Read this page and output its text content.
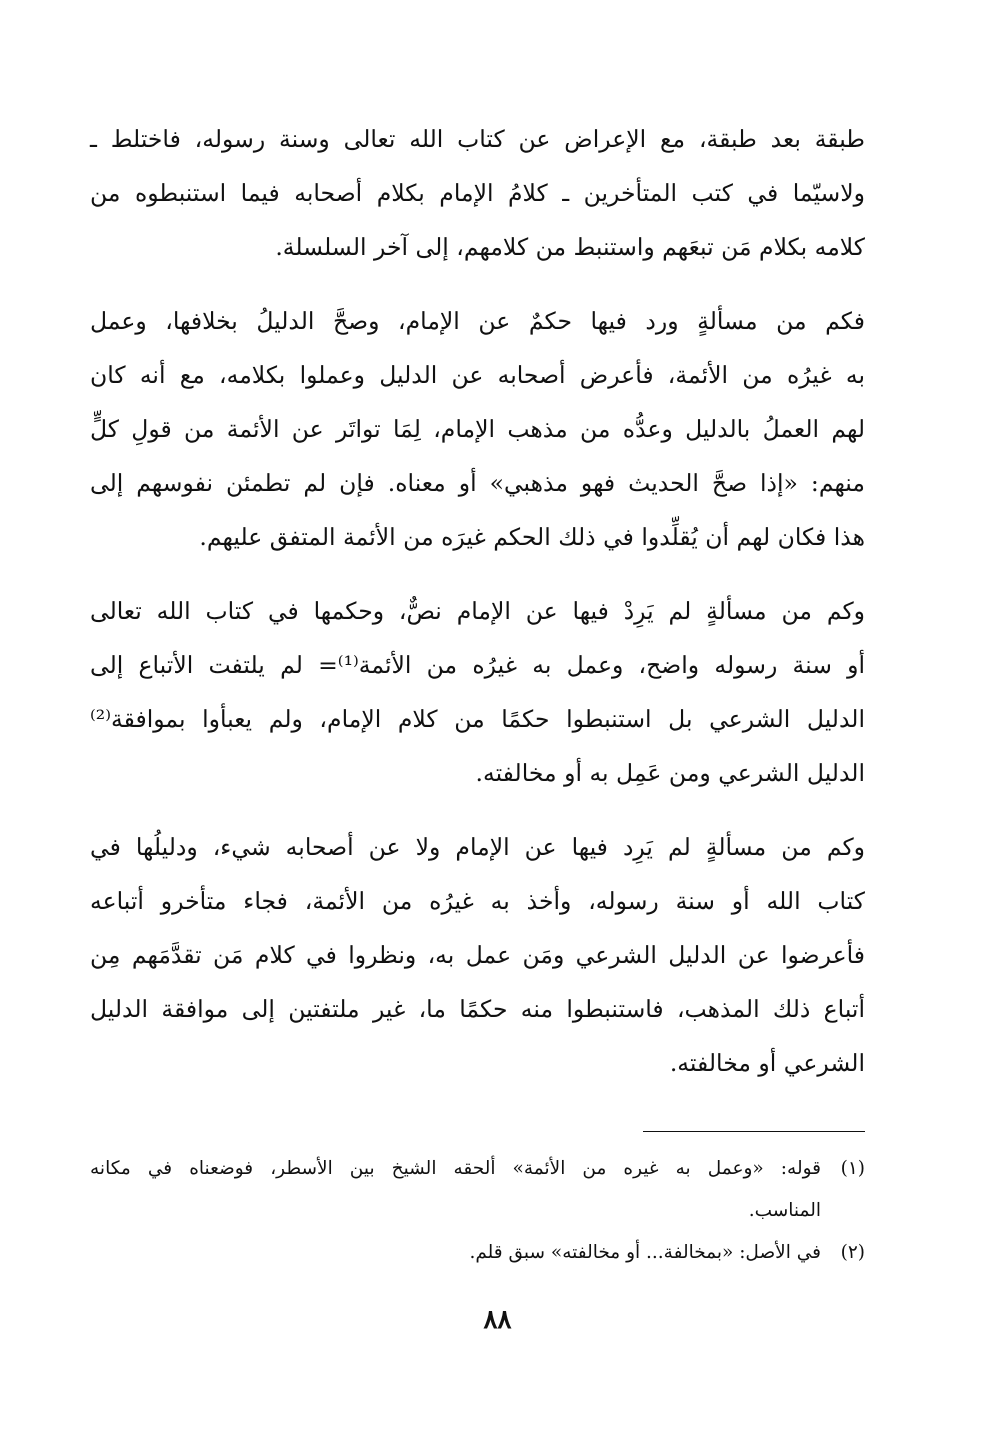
طبقة بعد طبقة، مع الإعراض عن كتاب الله تعالى وسنة رسوله، فاختلط ـ
ولاسيّما في كتب المتأخرين ـ كلامُ الإمام بكلام أصحابه فيما استنبطوه من
كلامه بكلام مَن تبعَهم واستنبط من كلامهم، إلى آخر السلسلة.
فكم من مسألةٍ ورد فيها حكمٌ عن الإمام، وصحَّ الدليلُ بخلافها، وعمل
به غيرُه من الأئمة، فأعرض أصحابه عن الدليل وعملوا بكلامه، مع أنه كان
لهم العملُ بالدليل وعدُّه من مذهب الإمام، لِمَا تواتَر عن الأئمة من قولِ كلٍّ
منهم: «إذا صحَّ الحديث فهو مذهبي» أو معناه. فإن لم تطمئن نفوسهم إلى
هذا فكان لهم أن يُقلِّدوا في ذلك الحكم غيرَه من الأئمة المتفق عليهم.
وكم من مسألةٍ لم يَرِدْ فيها عن الإمام نصٌّ، وحكمها في كتاب الله تعالى
أو سنة رسوله واضح، وعمل به غيرُه من الأئمة⁽¹⁾= لم يلتفت الأتباع إلى
الدليل الشرعي بل استنبطوا حكمًا من كلام الإمام، ولم يعبأوا بموافقة⁽²⁾
الدليل الشرعي ومن عَمِل به أو مخالفته.
وكم من مسألةٍ لم يَرِد فيها عن الإمام ولا عن أصحابه شيء، ودليلُها في
كتاب الله أو سنة رسوله، وأخذ به غيرُه من الأئمة، فجاء متأخرو أتباعه
فأعرضوا عن الدليل الشرعي ومَن عمل به، ونظروا في كلام مَن تقدَّمَهم مِن
أتباع ذلك المذهب، فاستنبطوا منه حكمًا ما، غير ملتفتين إلى موافقة الدليل
الشرعي أو مخالفته.
(١)قوله: «وعمل به غيره من الأئمة» ألحقه الشيخ بين الأسطر، فوضعناه في مكانه
المناسب.
(٢)في الأصل: «بمخالفة... أو مخالفته» سبق قلم.
٨٨
